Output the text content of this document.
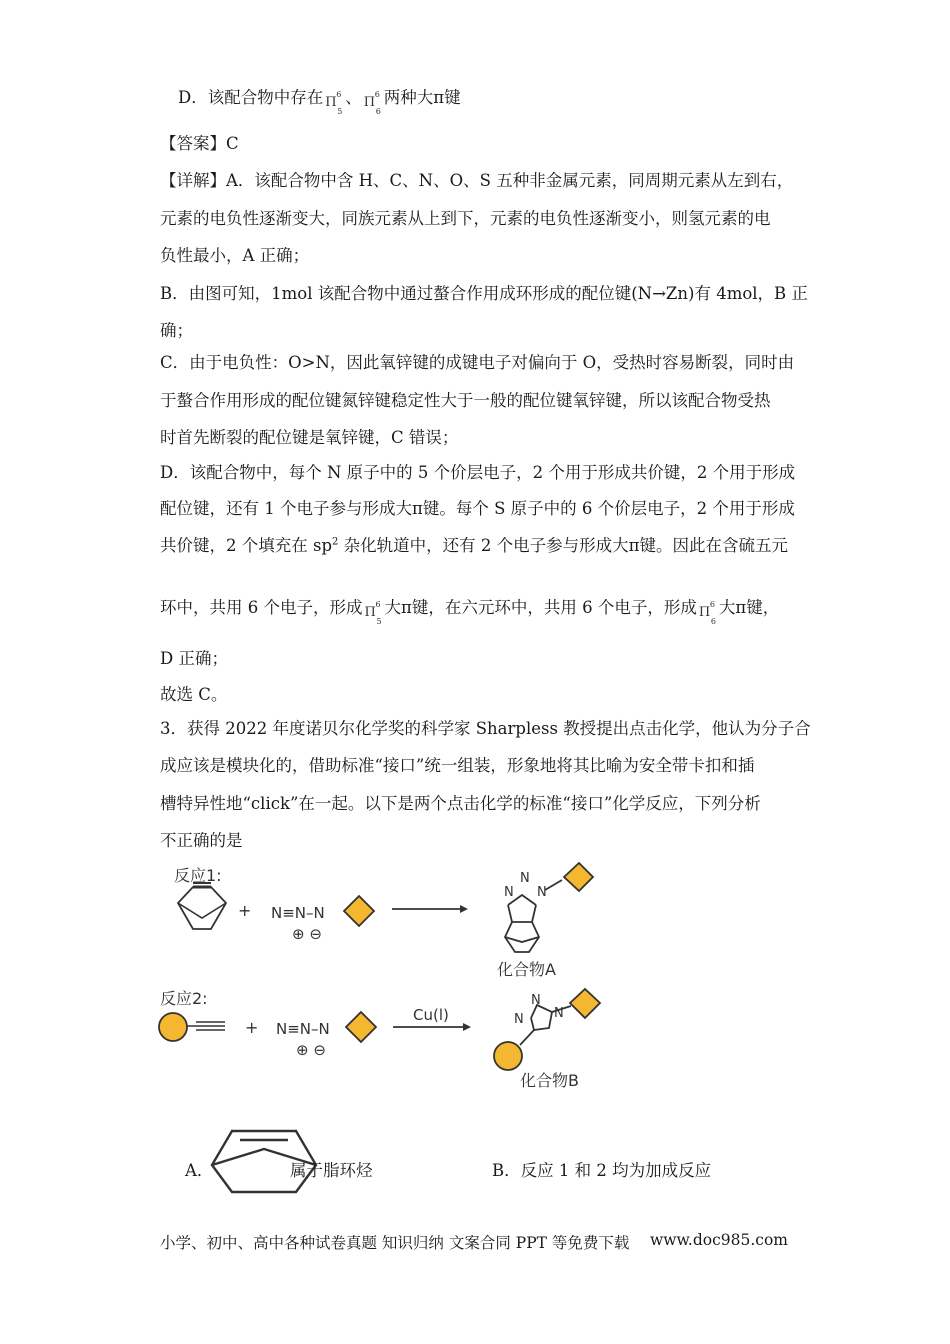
D．该配合物中存在 Π
6
5
、 Π
6
6
两种大π键
【答案】C
【详解】A．该配合物中含 H、C、N、O、S 五种非金属元素，同周期元素从左到右，
元素的电负性逐渐变大，同族元素从上到下，元素的电负性逐渐变小，则氢元素的电
负性最小，A 正确；
B．由图可知，1mol 该配合物中通过螯合作用成环形成的配位键(N→Zn)有 4mol，B 正
确；
C．由于电负性：O>N，因此氧锌键的成键电子对偏向于 O，受热时容易断裂，同时由
于螯合作用形成的配位键氮锌键稳定性大于一般的配位键氧锌键，所以该配合物受热
时首先断裂的配位键是氧锌键，C 错误；
D．该配合物中，每个 N 原子中的 5 个价层电子，2 个用于形成共价键，2 个用于形成
配位键，还有 1 个电子参与形成大π键。每个 S 原子中的 6 个价层电子，2 个用于形成
共价键，2 个填充在 $sp^2$ 杂化轨道中，还有 2 个电子参与形成大π键。因此在含硫五元
环中，共用 6 个电子，形成 Π
6
5
大π键，在六元环中，共用 6 个电子，形成 Π
6
6
大π键，
D 正确；
故选 C。
3．获得 2022 年度诺贝尔化学奖的科学家 Sharpless 教授提出点击化学，他认为分子合
成应该是模块化的，借助标准“接口”统一组装，形象地将其比喻为安全带卡扣和插
槽特异性地“click”在一起。以下是两个点击化学的标准“接口”化学反应，下列分析
不正确的是
反应1:
+ N≡N–N
⊕ ⊖
N
N
N
化合物A
反应2:
+ N≡N–N
⊕ ⊖
Cu(l)	N
N
N
化合物B
A．	属于脂环烃	B．反应 1 和 2 均为加成反应
小学、初中、高中各种试卷真题 知识归纳 文案合同 PPT 等免费下载 www.doc985.com
